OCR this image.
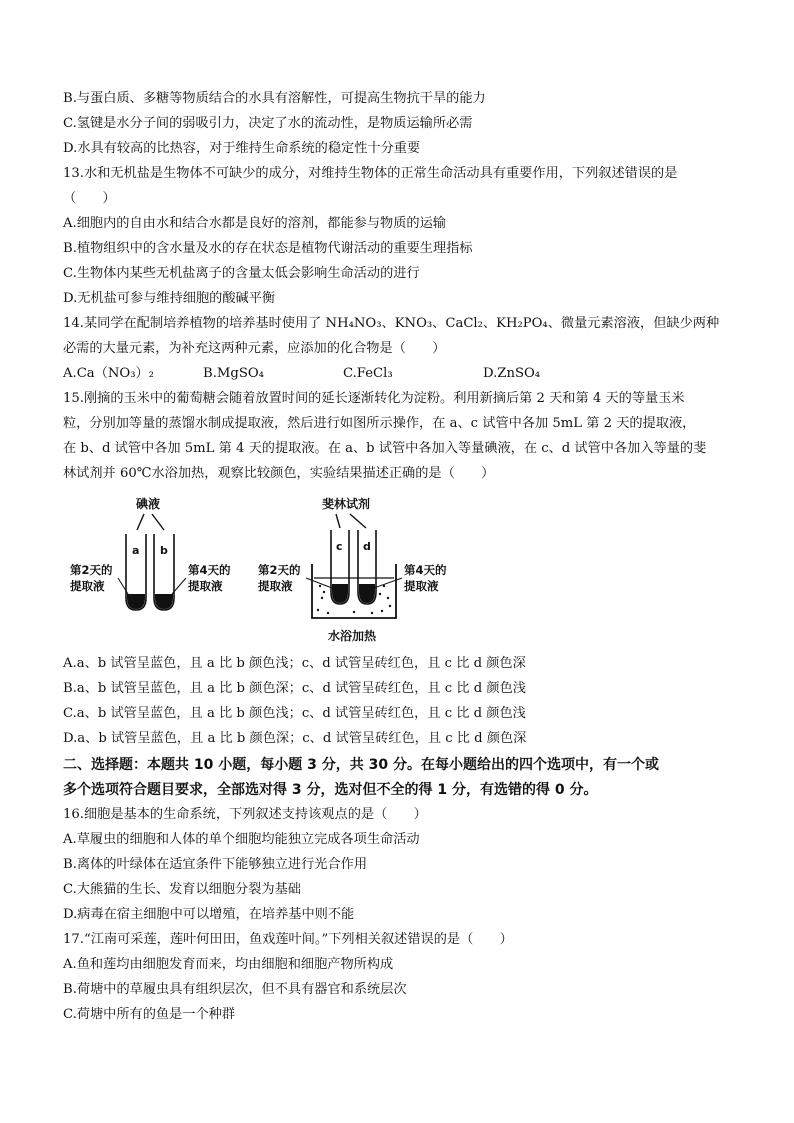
B.与蛋白质、多糖等物质结合的水具有溶解性，可提高生物抗干旱的能力
C.氢键是水分子间的弱吸引力，决定了水的流动性，是物质运输所必需
D.水具有较高的比热容，对于维持生命系统的稳定性十分重要
13.水和无机盐是生物体不可缺少的成分，对维持生物体的正常生命活动具有重要作用，下列叙述错误的是
（　　）
A.细胞内的自由水和结合水都是良好的溶剂，都能参与物质的运输
B.植物组织中的含水量及水的存在状态是植物代谢活动的重要生理指标
C.生物体内某些无机盐离子的含量太低会影响生命活动的进行
D.无机盐可参与维持细胞的酸碱平衡
14.某同学在配制培养植物的培养基时使用了 NH₄NO₃、KNO₃、CaCl₂、KH₂PO₄、微量元素溶液，但缺少两种
必需的大量元素，为补充这两种元素，应添加的化合物是（　　）
A.Ca（NO₃）₂	B.MgSO₄	C.FeCl₃	D.ZnSO₄
15.刚摘的玉米中的葡萄糖会随着放置时间的延长逐渐转化为淀粉。利用新摘后第 2 天和第 4 天的等量玉米
粒，分别加等量的蒸馏水制成提取液，然后进行如图所示操作，在 a、c 试管中各加 5mL 第 2 天的提取液，
在 b、d 试管中各加 5mL 第 4 天的提取液。在 a、b 试管中各加入等量碘液，在 c、d 试管中各加入等量的斐
林试剂并 60℃水浴加热，观察比较颜色，实验结果描述正确的是（　　）
碘液
a b
第2天的
提取液
第4天的
提取液
斐林试剂
c d
第2天的
提取液
第4天的
提取液
水浴加热
A.a、b 试管呈蓝色，且 a 比 b 颜色浅；c、d 试管呈砖红色，且 c 比 d 颜色深
B.a、b 试管呈蓝色，且 a 比 b 颜色深；c、d 试管呈砖红色，且 c 比 d 颜色浅
C.a、b 试管呈蓝色，且 a 比 b 颜色浅；c、d 试管呈砖红色，且 c 比 d 颜色浅
D.a、b 试管呈蓝色，且 a 比 b 颜色深；c、d 试管呈砖红色，且 c 比 d 颜色深
二、选择题：本题共 10 小题，每小题 3 分，共 30 分。在每小题给出的四个选项中，有一个或
多个选项符合题目要求，全部选对得 3 分，选对但不全的得 1 分，有选错的得 0 分。
16.细胞是基本的生命系统，下列叙述支持该观点的是（　　）
A.草履虫的细胞和人体的单个细胞均能独立完成各项生命活动
B.离体的叶绿体在适宜条件下能够独立进行光合作用
C.大熊猫的生长、发育以细胞分裂为基础
D.病毒在宿主细胞中可以增殖，在培养基中则不能
17.“江南可采莲，莲叶何田田，鱼戏莲叶间。”下列相关叙述错误的是（　　）
A.鱼和莲均由细胞发育而来，均由细胞和细胞产物所构成
B.荷塘中的草履虫具有组织层次，但不具有器官和系统层次
C.荷塘中所有的鱼是一个种群
